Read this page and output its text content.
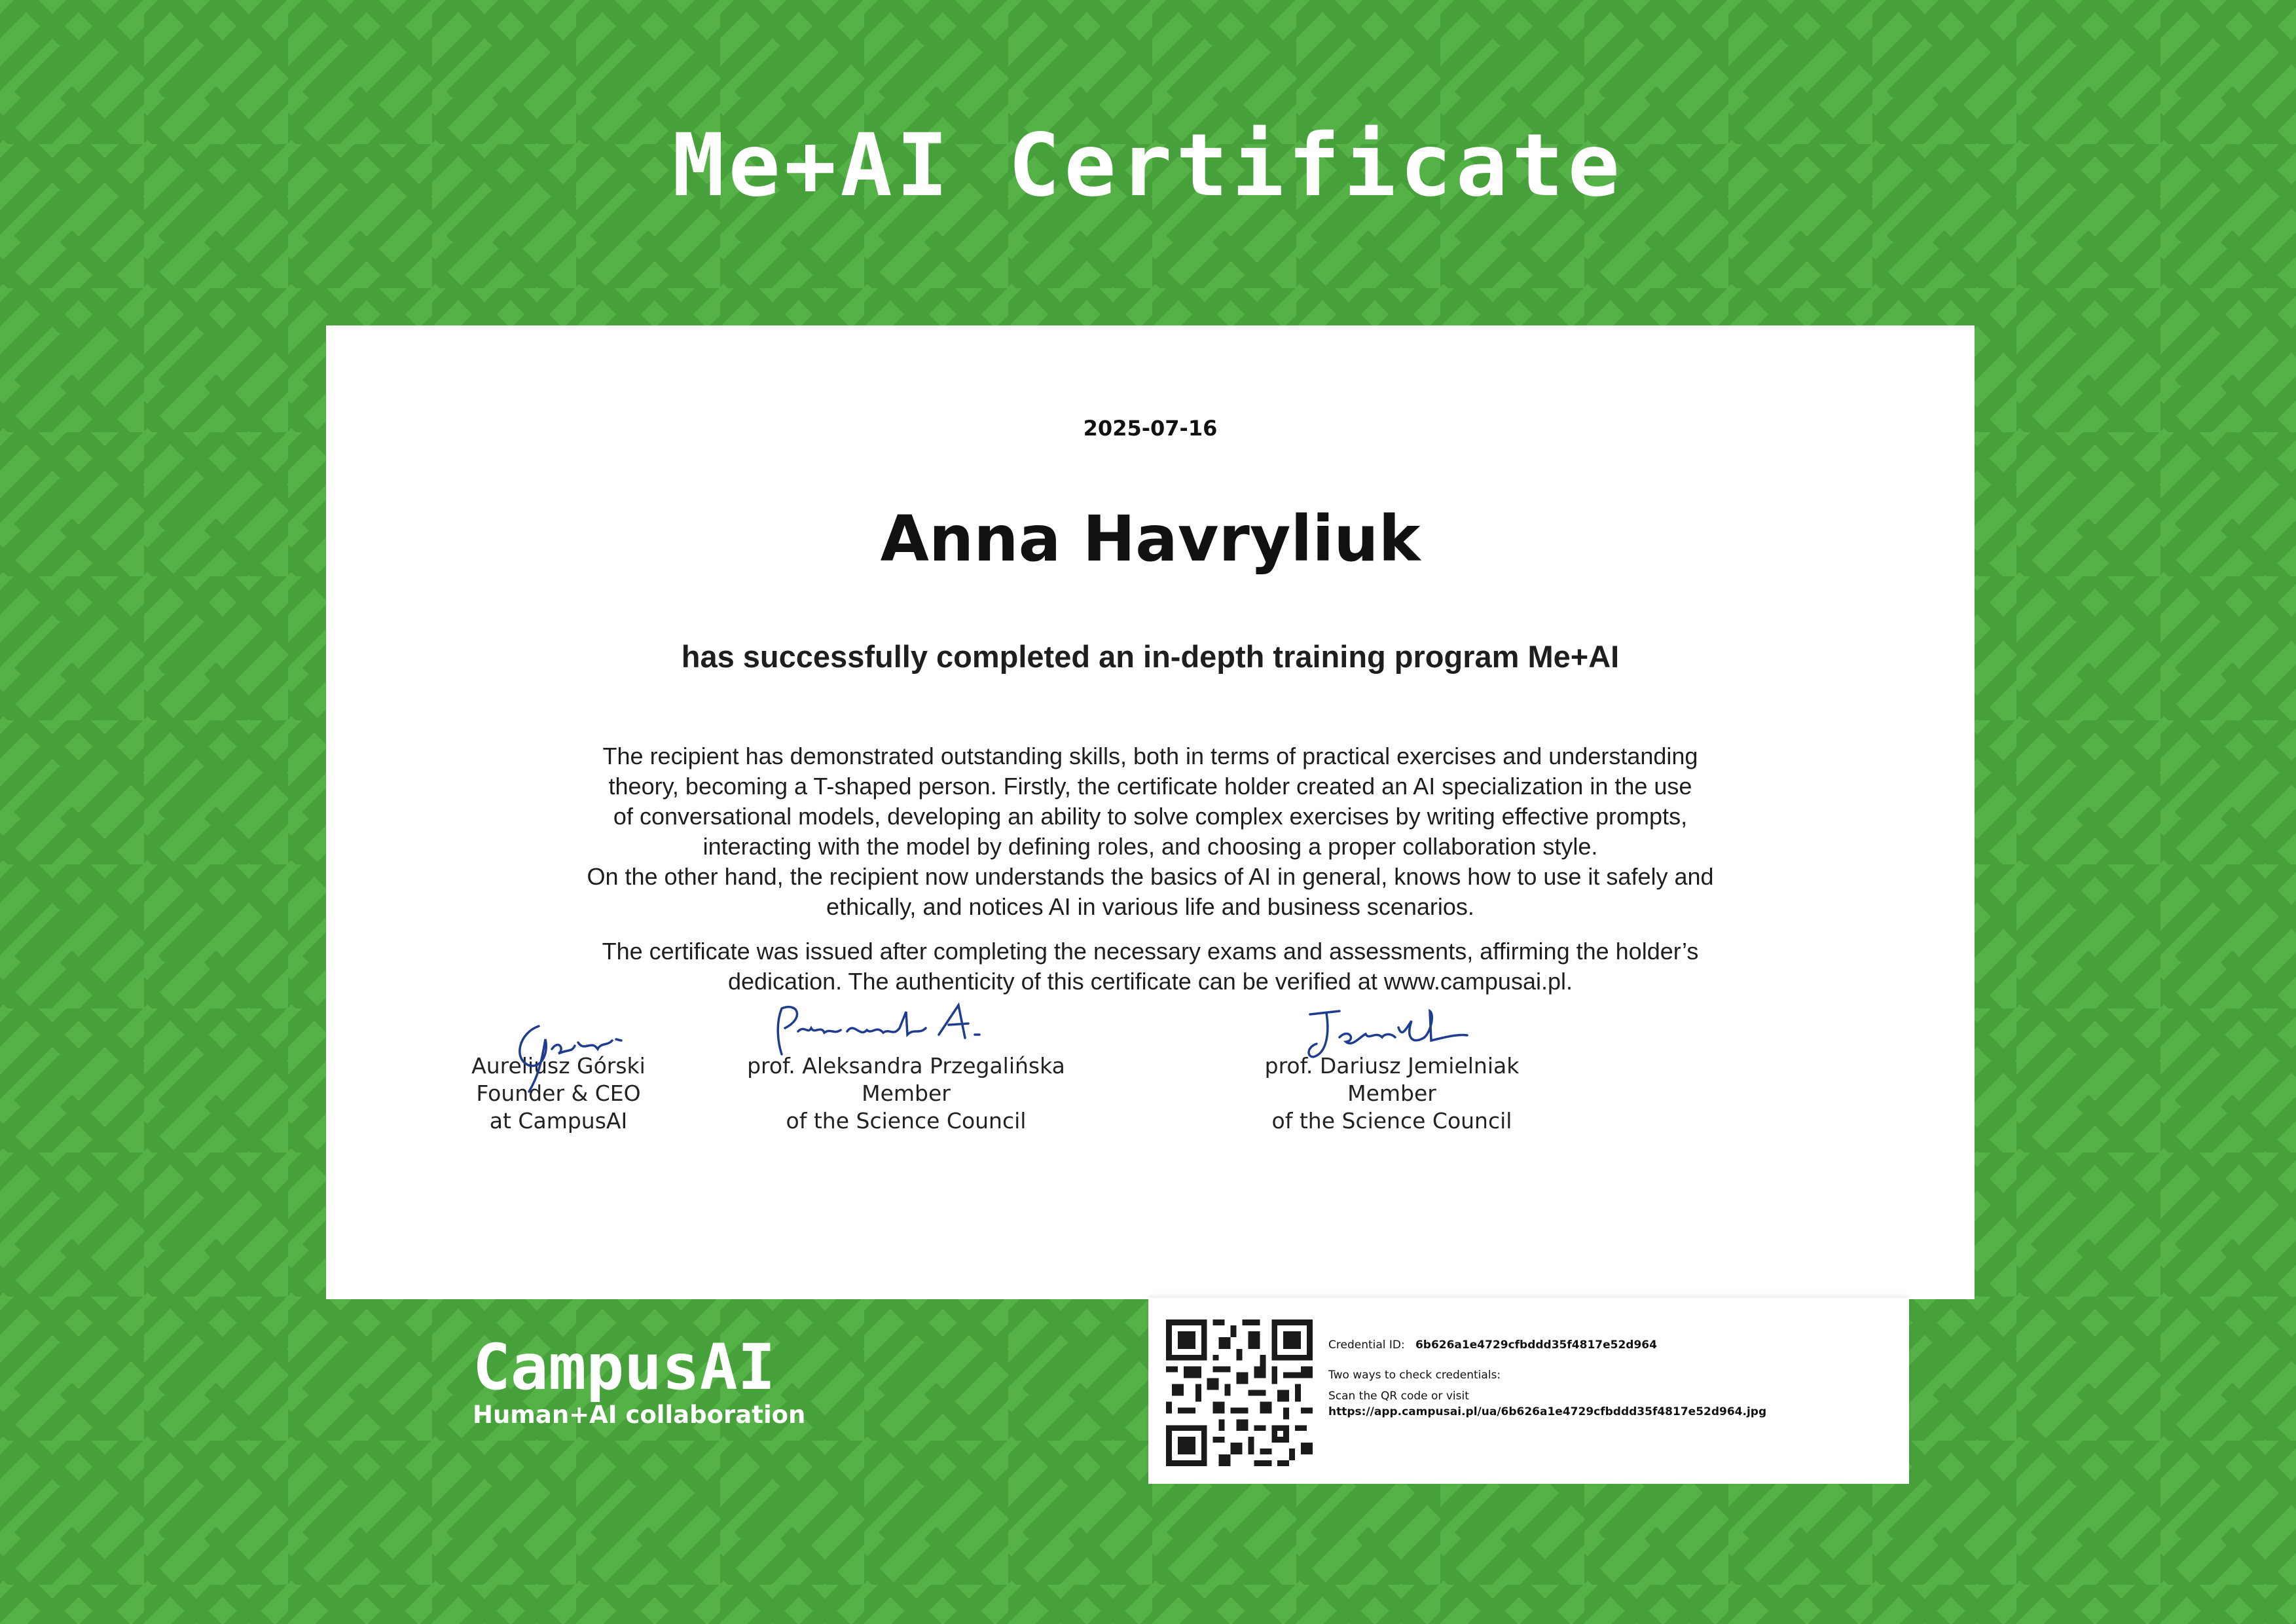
Me+AI Certificate
2025-07-16
Anna Havryliuk
has successfully completed an in-depth training program Me+AI

The recipient has demonstrated outstanding skills, both in terms of practical exercises and understanding

theory, becoming a T-shaped person. Firstly, the certificate holder created an AI specialization in the use

of conversational models, developing an ability to solve complex exercises by writing effective prompts,

interacting with the model by defining roles, and choosing a proper collaboration style.

On the other hand, the recipient now understands the basics of AI in general, knows how to use it safely and

ethically, and notices AI in various life and business scenarios.

The certificate was issued after completing the necessary exams and assessments, affirming the holder’s

dedication. The authenticity of this certificate can be verified at www.campusai.pl.

Aureliusz Górski
Founder & CEO
at CampusAI
prof. Aleksandra Przegalińska
Member
of the Science Council
prof. Dariusz Jemielniak
Member
of the Science Council
CampusAI
Human+AI collaboration
Credential ID: 6b626a1e4729cfbddd35f4817e52d964
Two ways to check credentials:
Scan the QR code or visit
https://app.campusai.pl/ua/6b626a1e4729cfbddd35f4817e52d964.jpg
